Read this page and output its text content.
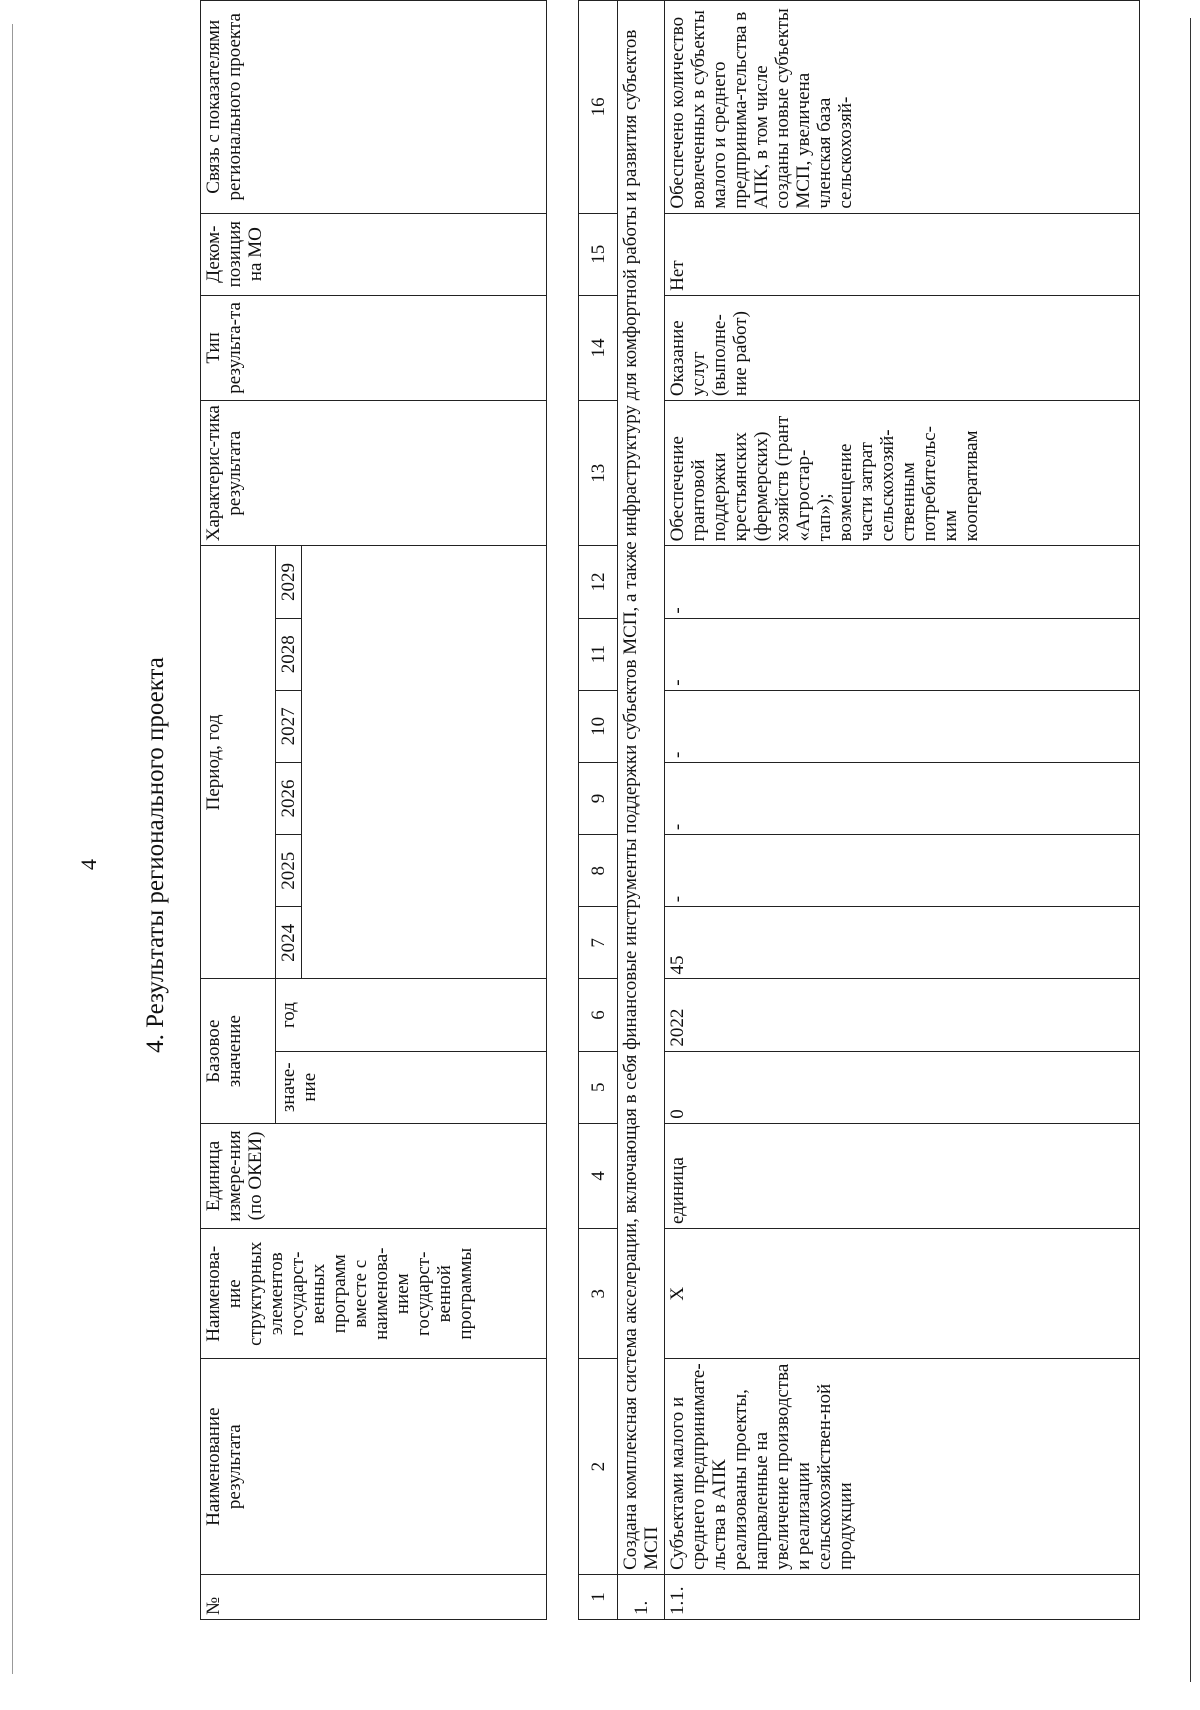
4 4. Результаты регионального проекта
№	Наименование результата	Наименова-ние структурных элементов государст-венных программ вместе с наименова-нием государст-венной программы	Единица измере-ния (по ОКЕИ)	Базовое значение		Период, год						Характерис-тика результата	Тип результа-та	Деком-позиция на МО	Связь с показателями регионального проекта
				значе-ние	год	2024	2025	2026	2027	2028	2029				

1	2	3	4	5	6	7	8	9	10	11	12	13	14	15	16
1.	Создана комплексная система акселерации, включающая в себя финансовые инструменты поддержки субъектов МСП, а также инфраструктуру для комфортной работы и развития субъектов МСП														
1.1.	Субъектами малого и среднего предпринимате-льства в АПК реализованы проекты, направленные на увеличение производства и реализации сельскохозяйствен-ной продукции	X	единица	0	2022	45	-	-	-	-	-	Обеспечение грантовой поддержки крестьянских (фермерских) хозяйств (грант «Агростар-тап»); возмещение части затрат сельскохозяй-ственным потребительс-ким кооперативам	Оказание услуг (выполне-ние работ)	Нет	Обеспечено количество вовлеченных в субъекты малого и среднего предпринима-тельства в АПК, в том числе созданы новые субъекты МСП, увеличена членская база сельскохозяй-
